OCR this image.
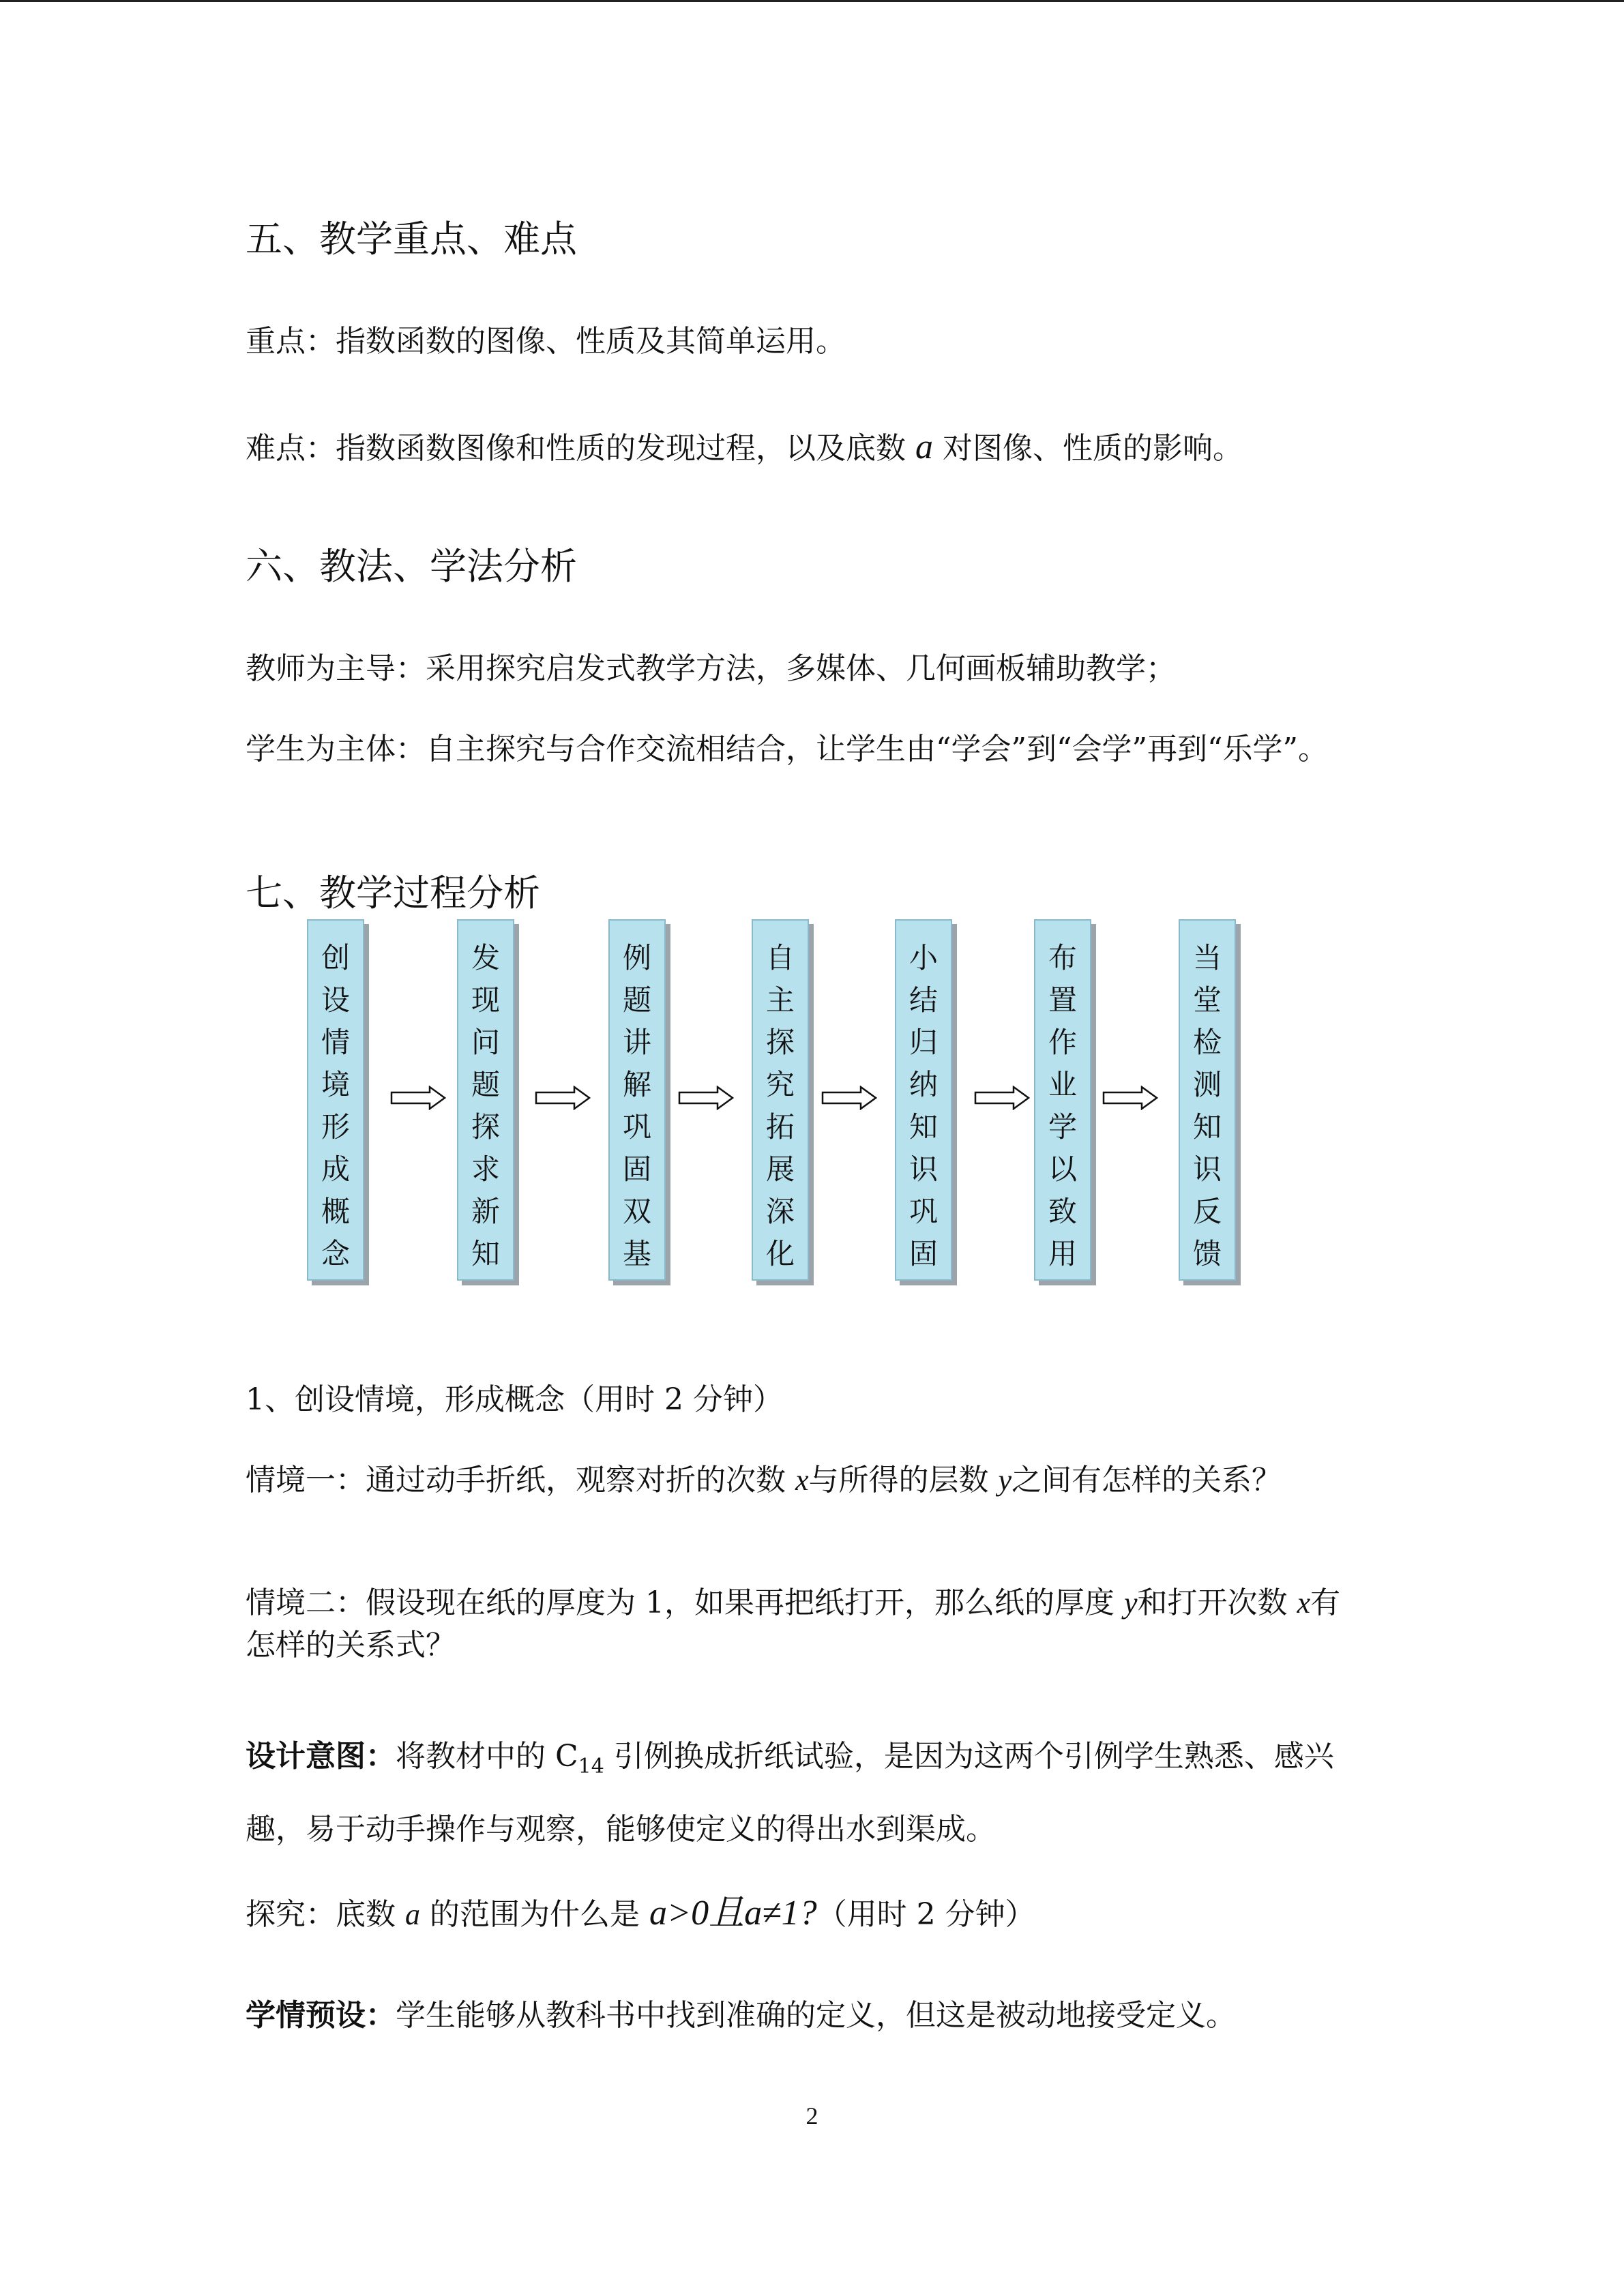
五、教学重点、难点

重点：指数函数的图像、性质及其简单运用。

难点：指数函数图像和性质的发现过程，以及底数 a 对图像、性质的影响。

六、教法、学法分析

教师为主导：采用探究启发式教学方法，多媒体、几何画板辅助教学；

学生为主体：自主探究与合作交流相结合，让学生由“学会”到“会学”再到“乐学”。

七、教学过程分析
创
设
情
境
形
成
概
念
发
现
问
题
探
求
新
知
例
题
讲
解
巩
固
双
基
自
主
探
究
拓
展
深
化
小
结
归
纳
知
识
巩
固
布
置
作
业
学
以
致
用
当
堂
检
测
知
识
反
馈

1、创设情境，形成概念（用时 2 分钟）

情境一：通过动手折纸，观察对折的次数 x与所得的层数 y之间有怎样的关系？

情境二：假设现在纸的厚度为 1，如果再把纸打开，那么纸的厚度 y和打开次数 x有怎样的关系式？

设计意图：将教材中的 $C_{14}$ 引例换成折纸试验，是因为这两个引例学生熟悉、感兴趣，易于动手操作与观察，能够使定义的得出水到渠成。

探究：底数 a 的范围为什么是 a>0且a≠1?（用时 2 分钟）

学情预设：学生能够从教科书中找到准确的定义，但这是被动地接受定义。

2
